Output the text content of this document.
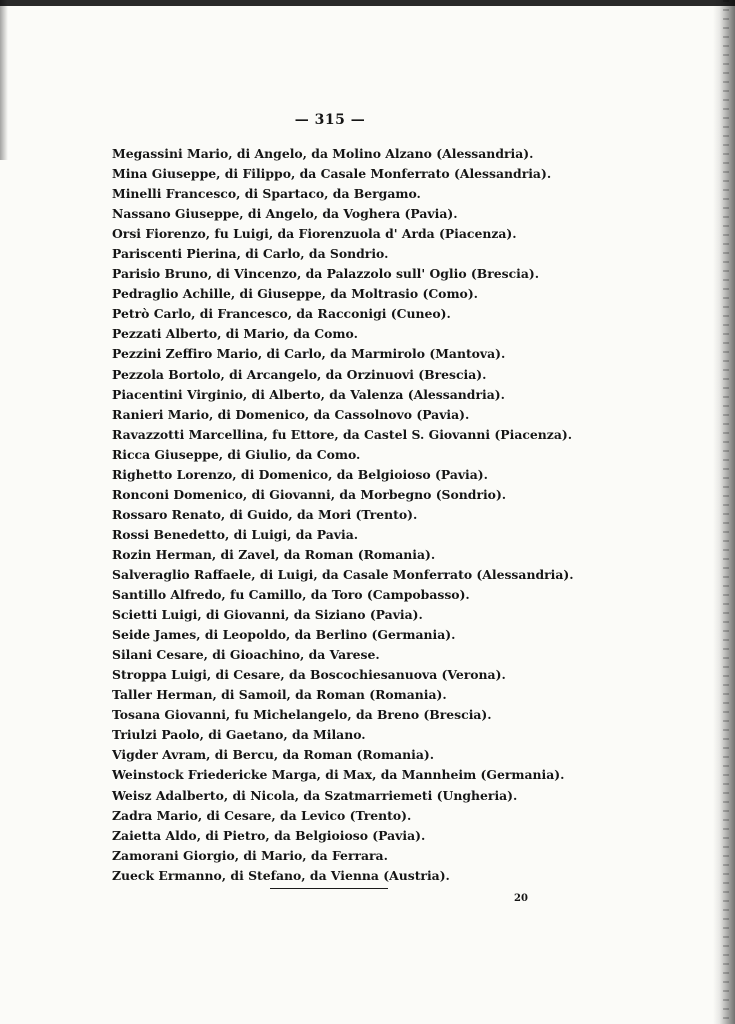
— 315 —
Megassini Mario, di Angelo, da Molino Alzano (Alessandria).
Mina Giuseppe, di Filippo, da Casale Monferrato (Alessandria).
Minelli Francesco, di Spartaco, da Bergamo.
Nassano Giuseppe, di Angelo, da Voghera (Pavia).
Orsi Fiorenzo, fu Luigi, da Fiorenzuola d' Arda (Piacenza).
Pariscenti Pierina, di Carlo, da Sondrio.
Parisio Bruno, di Vincenzo, da Palazzolo sull' Oglio (Brescia).
Pedraglio Achille, di Giuseppe, da Moltrasio (Como).
Petrò Carlo, di Francesco, da Racconigi (Cuneo).
Pezzati Alberto, di Mario, da Como.
Pezzini Zeffiro Mario, di Carlo, da Marmirolo (Mantova).
Pezzola Bortolo, di Arcangelo, da Orzinuovi (Brescia).
Piacentini Virginio, di Alberto, da Valenza (Alessandria).
Ranieri Mario, di Domenico, da Cassolnovo (Pavia).
Ravazzotti Marcellina, fu Ettore, da Castel S. Giovanni (Piacenza).
Ricca Giuseppe, di Giulio, da Como.
Righetto Lorenzo, di Domenico, da Belgioioso (Pavia).
Ronconi Domenico, di Giovanni, da Morbegno (Sondrio).
Rossaro Renato, di Guido, da Mori (Trento).
Rossi Benedetto, di Luigi, da Pavia.
Rozin Herman, di Zavel, da Roman (Romania).
Salveraglio Raffaele, di Luigi, da Casale Monferrato (Alessandria).
Santillo Alfredo, fu Camillo, da Toro (Campobasso).
Scietti Luigi, di Giovanni, da Siziano (Pavia).
Seide James, di Leopoldo, da Berlino (Germania).
Silani Cesare, di Gioachino, da Varese.
Stroppa Luigi, di Cesare, da Boscochiesanuova (Verona).
Taller Herman, di Samoil, da Roman (Romania).
Tosana Giovanni, fu Michelangelo, da Breno (Brescia).
Triulzi Paolo, di Gaetano, da Milano.
Vigder Avram, di Bercu, da Roman (Romania).
Weinstock Friedericke Marga, di Max, da Mannheim (Germania).
Weisz Adalberto, di Nicola, da Szatmarriemeti (Ungheria).
Zadra Mario, di Cesare, da Levico (Trento).
Zaietta Aldo, di Pietro, da Belgioioso (Pavia).
Zamorani Giorgio, di Mario, da Ferrara.
Zueck Ermanno, di Stefano, da Vienna (Austria).
20
